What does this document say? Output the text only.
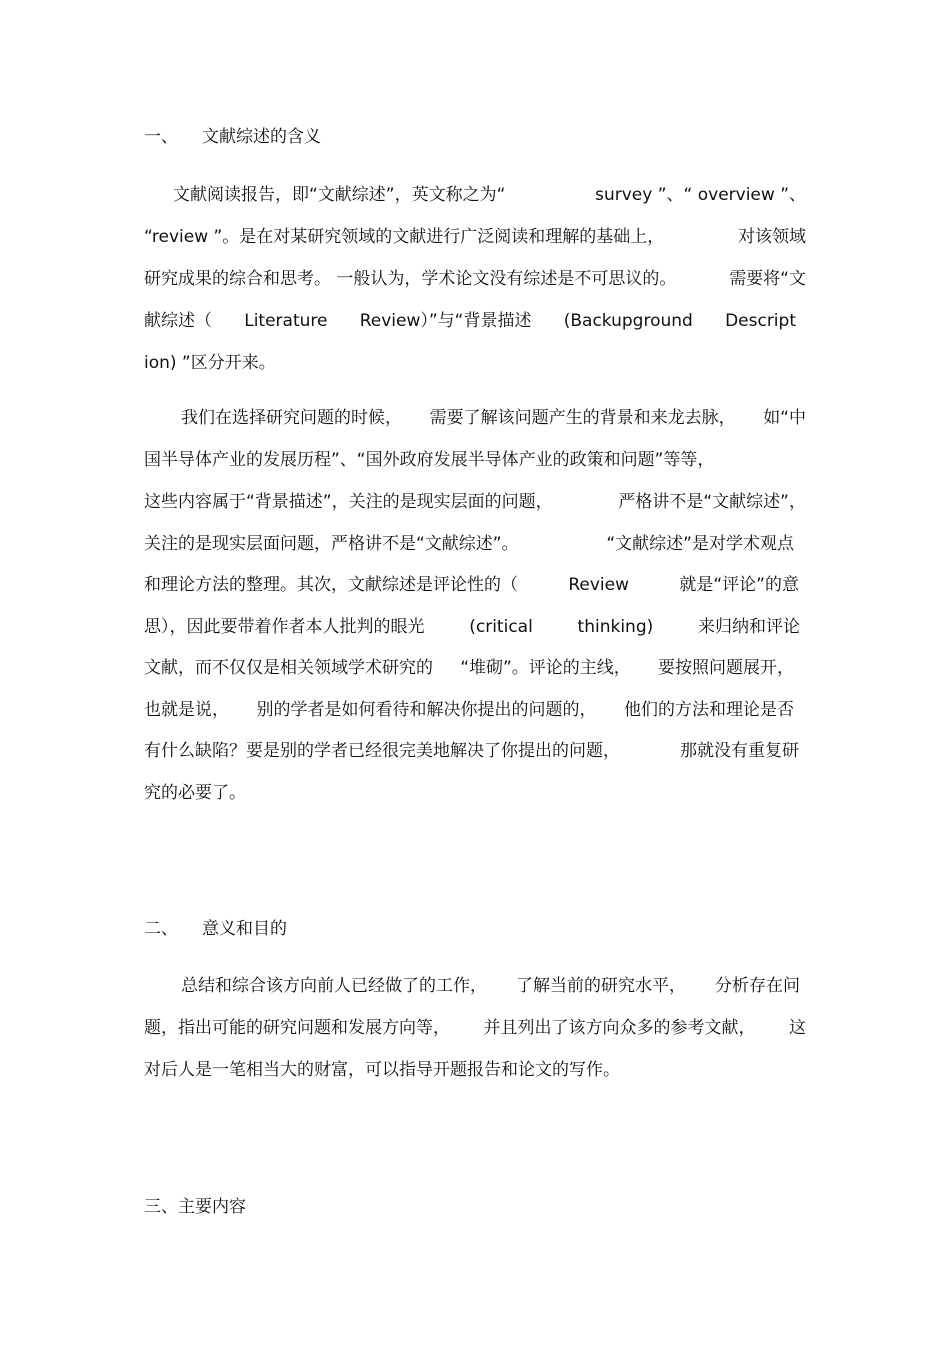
一、 文献综述的含义
文献阅读报告，即“文献综述”，英文称之为“	survey ”、“ overview ”、
“review ”。是在对某研究领域的文献进行广泛阅读和理解的基础上，	对该领域
研究成果的综合和思考。 一般认为，学术论文没有综述是不可思议的。	需要将“文
献综述（ Literature Review）”与“背景描述 (Backupground Descript
ion) ”区分开来。
我们在选择研究问题的时候， 需要了解该问题产生的背景和来龙去脉， 如“中
国半导体产业的发展历程”、“国外政府发展半导体产业的政策和问题”等等，
这些内容属于“背景描述”，关注的是现实层面的问题，	严格讲不是“文献综述”，
关注的是现实层面问题，严格讲不是“文献综述”。	“文献综述”是对学术观点
和理论方法的整理。其次，文献综述是评论性的（	Review	就是“评论”的意
思），因此要带着作者本人批判的眼光	(critical	thinking)	来归纳和评论
文献，而不仅仅是相关领域学术研究的 “堆砌”。评论的主线， 要按照问题展开，
也就是说， 别的学者是如何看待和解决你提出的问题的， 他们的方法和理论是否
有什么缺陷？要是别的学者已经很完美地解决了你提出的问题，	那就没有重复研
究的必要了。
二、 意义和目的
总结和综合该方向前人已经做了的工作， 了解当前的研究水平， 分析存在问
题，指出可能的研究问题和发展方向等， 并且列出了该方向众多的参考文献， 这
对后人是一笔相当大的财富，可以指导开题报告和论文的写作。
三、主要内容
